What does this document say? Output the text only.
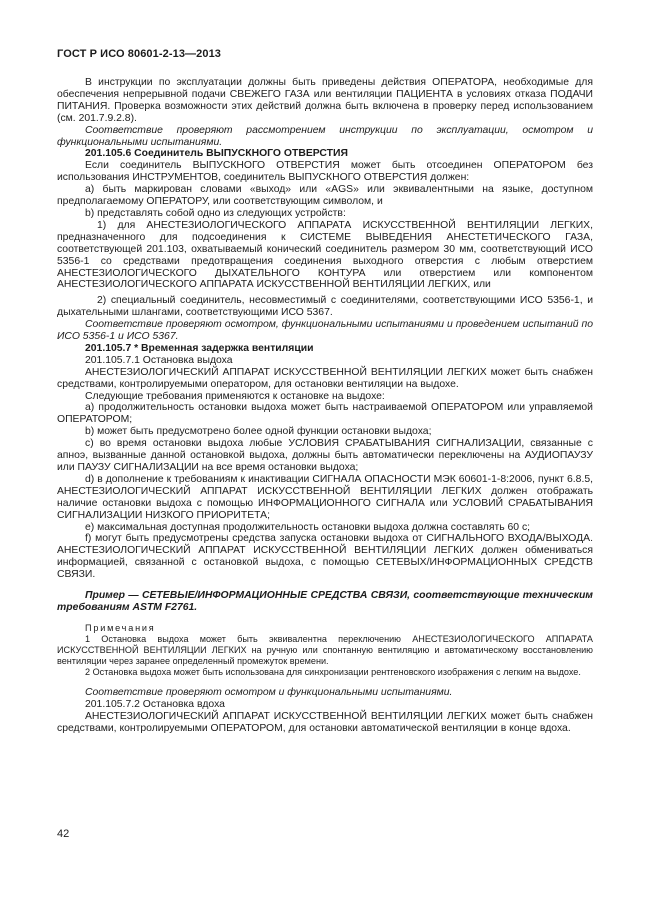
ГОСТ Р ИСО 80601-2-13—2013

В инструкции по эксплуатации должны быть приведены действия ОПЕРАТОРА, необходимые для обеспечения непрерывной подачи СВЕЖЕГО ГАЗА или вентиляции ПАЦИЕНТА в условиях отказа ПОДАЧИ ПИТАНИЯ. Проверка возможности этих действий должна быть включена в проверку перед использованием (см. 201.7.9.2.8).

Соответствие проверяют рассмотрением инструкции по эксплуатации, осмотром и функциональными испытаниями.

201.105.6 Соединитель ВЫПУСКНОГО ОТВЕРСТИЯ

Если соединитель ВЫПУСКНОГО ОТВЕРСТИЯ может быть отсоединен ОПЕРАТОРОМ без использования ИНСТРУМЕНТОВ, соединитель ВЫПУСКНОГО ОТВЕРСТИЯ должен:

а) быть маркирован словами «выход» или «AGS» или эквивалентными на языке, доступном предполагаемому ОПЕРАТОРУ, или соответствующим символом, и

b) представлять собой одно из следующих устройств:

1) для АНЕСТЕЗИОЛОГИЧЕСКОГО АППАРАТА ИСКУССТВЕННОЙ ВЕНТИЛЯЦИИ ЛЕГКИХ, предназначенного для подсоединения к СИСТЕМЕ ВЫВЕДЕНИЯ АНЕСТЕТИЧЕСКОГО ГАЗА, соответствующей 201.103, охватываемый конический соединитель размером 30 мм, соответствующий ИСО 5356-1 со средствами предотвращения соединения выходного отверстия с любым отверстием АНЕСТЕЗИОЛОГИЧЕСКОГО ДЫХАТЕЛЬНОГО КОНТУРА или отверстием или компонентом АНЕСТЕЗИОЛОГИЧЕСКОГО АППАРАТА ИСКУССТВЕННОЙ ВЕНТИЛЯЦИИ ЛЕГКИХ, или

2) специальный соединитель, несовместимый с соединителями, соответствующими ИСО 5356-1, и дыхательными шлангами, соответствующими ИСО 5367.

Соответствие проверяют осмотром, функциональными испытаниями и проведением испытаний по ИСО 5356-1 и ИСО 5367.

201.105.7 * Временная задержка вентиляции

201.105.7.1 Остановка выдоха

АНЕСТЕЗИОЛОГИЧЕСКИЙ АППАРАТ ИСКУССТВЕННОЙ ВЕНТИЛЯЦИИ ЛЕГКИХ может быть снабжен средствами, контролируемыми оператором, для остановки вентиляции на выдохе.

Следующие требования применяются к остановке на выдохе:

а) продолжительность остановки выдоха может быть настраиваемой ОПЕРАТОРОМ или управляемой ОПЕРАТОРОМ;

b) может быть предусмотрено более одной функции остановки выдоха;

с) во время остановки выдоха любые УСЛОВИЯ СРАБАТЫВАНИЯ СИГНАЛИЗАЦИИ, связанные с апноэ, вызванные данной остановкой выдоха, должны быть автоматически переключены на АУДИОПАУЗУ или ПАУЗУ СИГНАЛИЗАЦИИ на все время остановки выдоха;

d) в дополнение к требованиям к инактивации СИГНАЛА ОПАСНОСТИ МЭК 60601-1-8:2006, пункт 6.8.5, АНЕСТЕЗИОЛОГИЧЕСКИЙ АППАРАТ ИСКУССТВЕННОЙ ВЕНТИЛЯЦИИ ЛЕГКИХ должен отображать наличие остановки выдоха с помощью ИНФОРМАЦИОННОГО СИГНАЛА или УСЛОВИЙ СРАБАТЫВАНИЯ СИГНАЛИЗАЦИИ НИЗКОГО ПРИОРИТЕТА;

е) максимальная доступная продолжительность остановки выдоха должна составлять 60 с;

f) могут быть предусмотрены средства запуска остановки выдоха от СИГНАЛЬНОГО ВХОДА/ВЫХОДА. АНЕСТЕЗИОЛОГИЧЕСКИЙ АППАРАТ ИСКУССТВЕННОЙ ВЕНТИЛЯЦИИ ЛЕГКИХ должен обмениваться информацией, связанной с остановкой выдоха, с помощью СЕТЕВЫХ/ИНФОРМАЦИОННЫХ СРЕДСТВ СВЯЗИ.

Пример — СЕТЕВЫЕ/ИНФОРМАЦИОННЫЕ СРЕДСТВА СВЯЗИ, соответствующие техническим требованиям ASTM F2761.

Примечания

1 Остановка выдоха может быть эквивалентна переключению АНЕСТЕЗИОЛОГИЧЕСКОГО АППАРАТА ИСКУССТВЕННОЙ ВЕНТИЛЯЦИИ ЛЕГКИХ на ручную или спонтанную вентиляцию и автоматическому восстановлению вентиляции через заранее определенный промежуток времени.

2 Остановка выдоха может быть использована для синхронизации рентгеновского изображения с легким на выдохе.

Соответствие проверяют осмотром и функциональными испытаниями.

201.105.7.2 Остановка вдоха

АНЕСТЕЗИОЛОГИЧЕСКИЙ АППАРАТ ИСКУССТВЕННОЙ ВЕНТИЛЯЦИИ ЛЕГКИХ может быть снабжен средствами, контролируемыми ОПЕРАТОРОМ, для остановки автоматической вентиляции в конце вдоха.

42
